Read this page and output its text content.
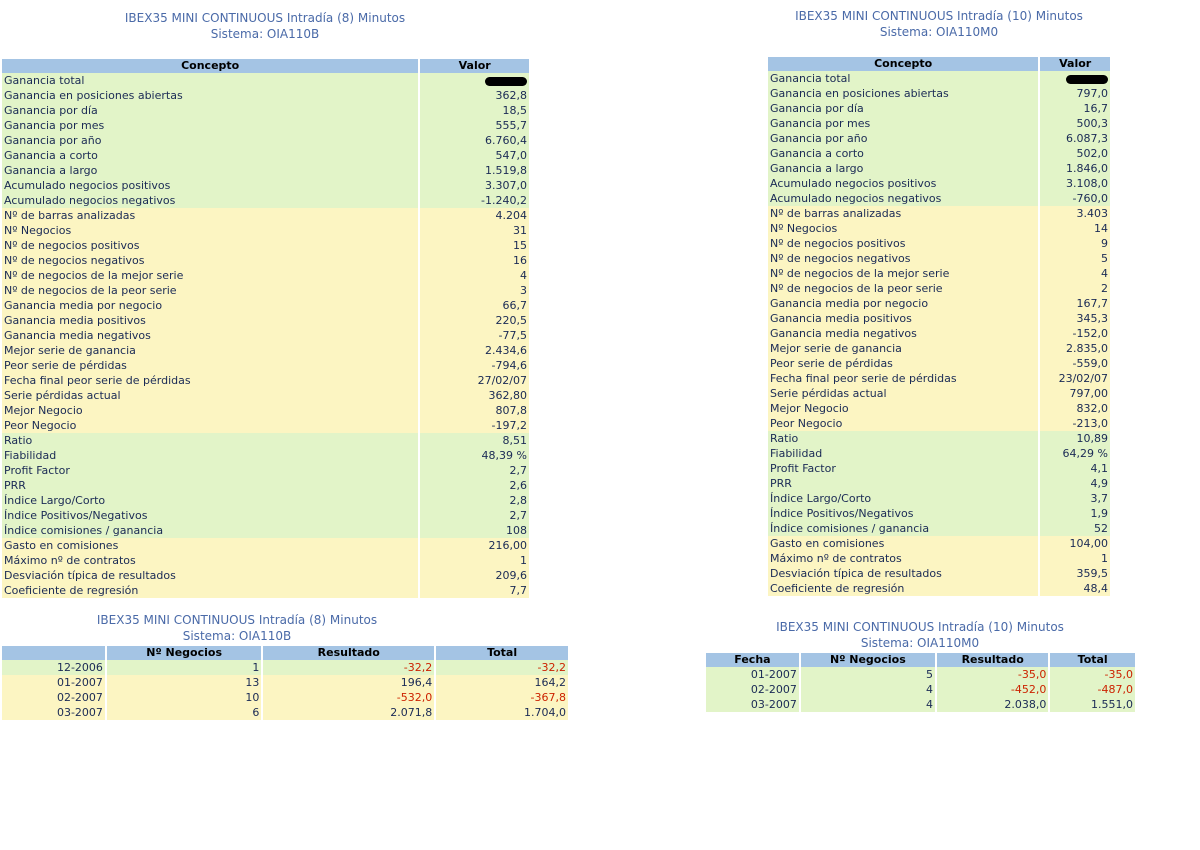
IBEX35 MINI CONTINUOUS Intradía (8) Minutos
Sistema: OIA110B
Concepto	Valor
Ganancia total	
Ganancia en posiciones abiertas	362,8
Ganancia por día	18,5
Ganancia por mes	555,7
Ganancia por año	6.760,4
Ganancia a corto	547,0
Ganancia a largo	1.519,8
Acumulado negocios positivos	3.307,0
Acumulado negocios negativos	-1.240,2
Nº de barras analizadas	4.204
Nº Negocios	31
Nº de negocios positivos	15
Nº de negocios negativos	16
Nº de negocios de la mejor serie	4
Nº de negocios de la peor serie	3
Ganancia media por negocio	66,7
Ganancia media positivos	220,5
Ganancia media negativos	-77,5
Mejor serie de ganancia	2.434,6
Peor serie de pérdidas	-794,6
Fecha final peor serie de pérdidas	27/02/07
Serie pérdidas actual	362,80
Mejor Negocio	807,8
Peor Negocio	-197,2
Ratio	8,51
Fiabilidad	48,39 %
Profit Factor	2,7
PRR	2,6
Índice Largo/Corto	2,8
Índice Positivos/Negativos	2,7
Índice comisiones / ganancia	108
Gasto en comisiones	216,00
Máximo nº de contratos	1
Desviación típica de resultados	209,6
Coeficiente de regresión	7,7
IBEX35 MINI CONTINUOUS Intradía (8) Minutos
Sistema: OIA110B
	Nº Negocios	Resultado	Total
12-2006	1	-32,2	-32,2
01-2007	13	196,4	164,2
02-2007	10	-532,0	-367,8
03-2007	6	2.071,8	1.704,0
IBEX35 MINI CONTINUOUS Intradía (10) Minutos
Sistema: OIA110M0
Concepto	Valor
Ganancia total	
Ganancia en posiciones abiertas	797,0
Ganancia por día	16,7
Ganancia por mes	500,3
Ganancia por año	6.087,3
Ganancia a corto	502,0
Ganancia a largo	1.846,0
Acumulado negocios positivos	3.108,0
Acumulado negocios negativos	-760,0
Nº de barras analizadas	3.403
Nº Negocios	14
Nº de negocios positivos	9
Nº de negocios negativos	5
Nº de negocios de la mejor serie	4
Nº de negocios de la peor serie	2
Ganancia media por negocio	167,7
Ganancia media positivos	345,3
Ganancia media negativos	-152,0
Mejor serie de ganancia	2.835,0
Peor serie de pérdidas	-559,0
Fecha final peor serie de pérdidas	23/02/07
Serie pérdidas actual	797,00
Mejor Negocio	832,0
Peor Negocio	-213,0
Ratio	10,89
Fiabilidad	64,29 %
Profit Factor	4,1
PRR	4,9
Índice Largo/Corto	3,7
Índice Positivos/Negativos	1,9
Índice comisiones / ganancia	52
Gasto en comisiones	104,00
Máximo nº de contratos	1
Desviación típica de resultados	359,5
Coeficiente de regresión	48,4
IBEX35 MINI CONTINUOUS Intradía (10) Minutos
Sistema: OIA110M0
Fecha	Nº Negocios	Resultado	Total
01-2007	5	-35,0	-35,0
02-2007	4	-452,0	-487,0
03-2007	4	2.038,0	1.551,0
